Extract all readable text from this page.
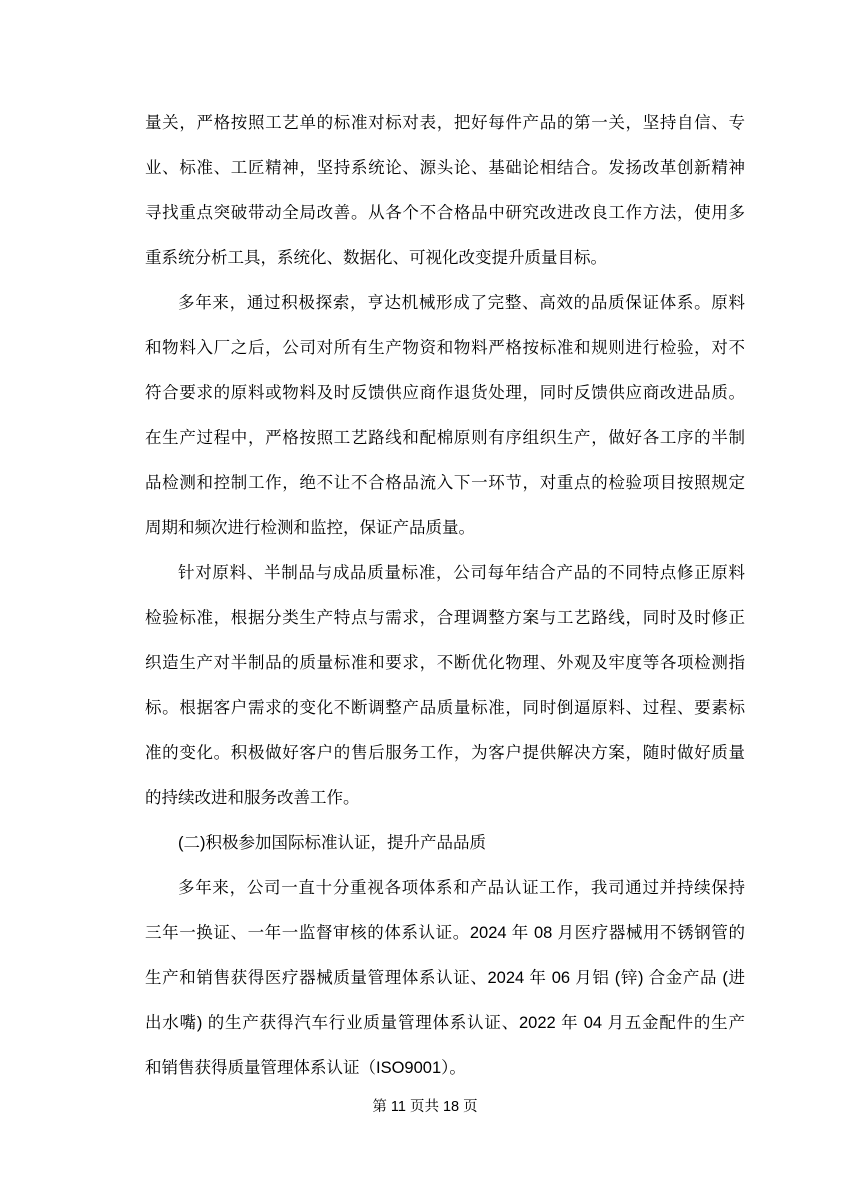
量关，严格按照工艺单的标准对标对表，把好每件产品的第一关，坚持自信、专
业、标准、工匠精神，坚持系统论、源头论、基础论相结合。发扬改革创新精神
寻找重点突破带动全局改善。从各个不合格品中研究改进改良工作方法，使用多
重系统分析工具，系统化、数据化、可视化改变提升质量目标。
多年来，通过积极探索，亨达机械形成了完整、高效的品质保证体系。原料
和物料入厂之后，公司对所有生产物资和物料严格按标准和规则进行检验，对不
符合要求的原料或物料及时反馈供应商作退货处理，同时反馈供应商改进品质。
在生产过程中，严格按照工艺路线和配棉原则有序组织生产，做好各工序的半制
品检测和控制工作，绝不让不合格品流入下一环节，对重点的检验项目按照规定
周期和频次进行检测和监控，保证产品质量。
针对原料、半制品与成品质量标准，公司每年结合产品的不同特点修正原料
检验标准，根据分类生产特点与需求，合理调整方案与工艺路线，同时及时修正
织造生产对半制品的质量标准和要求，不断优化物理、外观及牢度等各项检测指
标。根据客户需求的变化不断调整产品质量标准，同时倒逼原料、过程、要素标
准的变化。积极做好客户的售后服务工作，为客户提供解决方案，随时做好质量
的持续改进和服务改善工作。
(二)积极参加国际标准认证，提升产品品质
多年来，公司一直十分重视各项体系和产品认证工作，我司通过并持续保持
三年一换证、一年一监督审核的体系认证。2024 年 08 月医疗器械用不锈钢管的
生产和销售获得医疗器械质量管理体系认证、2024 年 06 月铝 (锌) 合金产品 (进
出水嘴) 的生产获得汽车行业质量管理体系认证、2022 年 04 月五金配件的生产
和销售获得质量管理体系认证（ISO9001）。
第 11 页共 18 页
